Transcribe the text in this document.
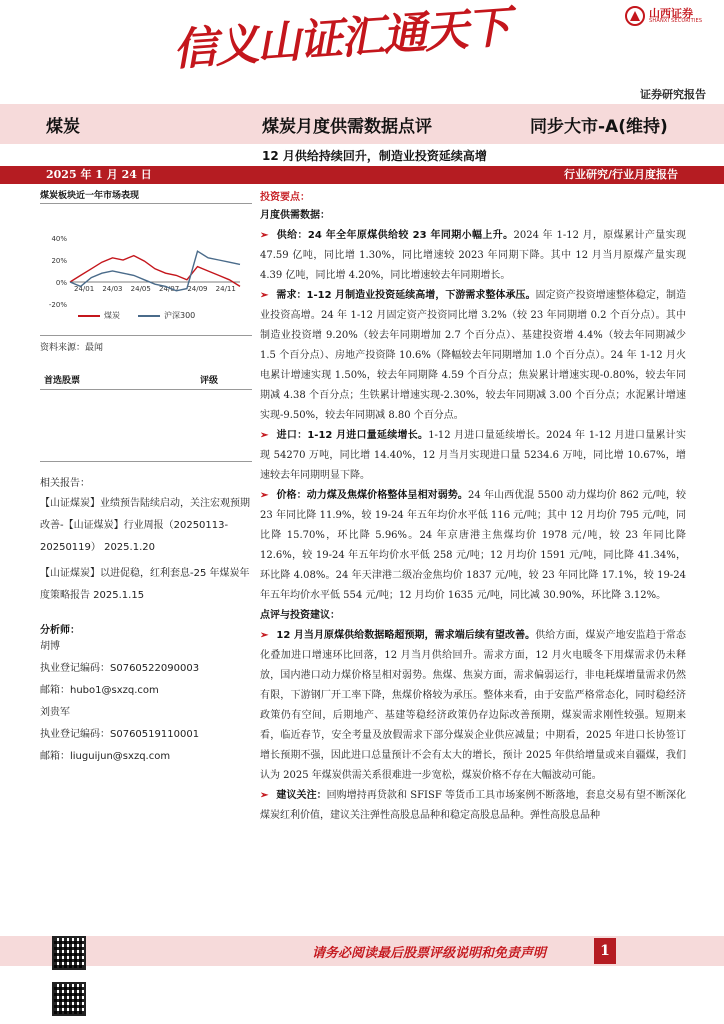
信义山证汇通天下	山西证券
SHANXI SECURITIES
证券研究报告
煤炭	煤炭月度供需数据点评	同步大市-A(维持)
12 月供给持续回升，制造业投资延续高增
2025 年 1 月 24 日	行业研究/行业月度报告
煤炭板块近一年市场表现
40%
20%
0%
-20%
24/01 24/03 24/05 24/07 24/09 24/11
煤炭	沪深300
资料来源：最闻
首选股票	评级
相关报告：
【山证煤炭】业绩预告陆续启动，关注宏观预期改善-【山证煤炭】行业周报（20250113-20250119） 2025.1.20
【山证煤炭】以进促稳，红利套息-25 年煤炭年度策略报告 2025.1.15
分析师：
胡博
执业登记编码：S0760522090003
邮箱：hubo1@sxzq.com
刘贵军
执业登记编码：S0760519110001
邮箱：liuguijun@sxzq.com
投资要点：
月度供需数据：

➢ 供给：24 年全年原煤供给较 23 年同期小幅上升。2024 年 1-12 月，原煤累计产量实现 47.59 亿吨，同比增 1.30%，同比增速较 2023 年同期下降。其中 12 月当月原煤产量实现 4.39 亿吨，同比增 4.20%，同比增速较去年同期增长。

➢ 需求：1-12 月制造业投资延续高增，下游需求整体承压。固定资产投资增速整体稳定，制造业投资高增。24 年 1-12 月固定资产投资同比增 3.2%（较 23 年同期增 0.2 个百分点）。其中制造业投资增 9.20%（较去年同期增加 2.7 个百分点）、基建投资增 4.4%（较去年同期减少 1.5 个百分点）、房地产投资降 10.6%（降幅较去年同期增加 1.0 个百分点）。24 年 1-12 月火电累计增速实现 1.50%，较去年同期降 4.59 个百分点；焦炭累计增速实现-0.80%，较去年同期减 4.38 个百分点；生铁累计增速实现-2.30%，较去年同期减 3.00 个百分点；水泥累计增速实现-9.50%，较去年同期减 8.80 个百分点。

➢ 进口：1-12 月进口量延续增长。1-12 月进口量延续增长。2024 年 1-12 月进口量累计实现 54270 万吨，同比增 14.40%，12 月当月实现进口量 5234.6 万吨，同比增 10.67%，增速较去年同期明显下降。

➢ 价格：动力煤及焦煤价格整体呈相对弱势。24 年山西优混 5500 动力煤均价 862 元/吨，较 23 年同比降 11.9%，较 19-24 年五年均价水平低 116 元/吨；其中 12 月均价 795 元/吨，同比降 15.70%，环比降 5.96%。24 年京唐港主焦煤均价 1978 元/吨，较 23 年同比降 12.6%，较 19-24 年五年均价水平低 258 元/吨；12 月均价 1591 元/吨，同比降 41.34%，环比降 4.08%。24 年天津港二级冶金焦均价 1837 元/吨，较 23 年同比降 17.1%，较 19-24 年五年均价水平低 554 元/吨；12 月均价 1635 元/吨，同比减 30.90%，环比降 3.12%。

点评与投资建议：

➢ 12 月当月原煤供给数据略超预期，需求端后续有望改善。供给方面，煤炭产地安监趋于常态化叠加进口增速环比回落，12 月当月供给回升。需求方面，12 月火电暖冬下用煤需求仍未释放，国内港口动力煤价格呈相对弱势。焦煤、焦炭方面，需求偏弱运行，非电耗煤增量需求仍然有限，下游钢厂开工率下降，焦煤价格较为承压。整体来看，由于安监严格常态化，同时稳经济政策仍有空间，后期地产、基建等稳经济政策仍存边际改善预期，煤炭需求刚性较强。短期来看，临近春节，安全考量及放假需求下部分煤炭企业供应减量；中期看，2025 年进口长协签订增长预期不强，因此进口总量预计不会有太大的增长，预计 2025 年供给增量或来自疆煤，我们认为 2025 年煤炭供需关系很难进一步宽松，煤炭价格不存在大幅波动可能。

➢ 建议关注：回购增持再贷款和 SFISF 等货币工具市场案例不断落地，套息交易有望不断深化煤炭红利价值，建议关注弹性高股息品种和稳定高股息品种。弹性高股息品种

请务必阅读最后股票评级说明和免责声明	1
